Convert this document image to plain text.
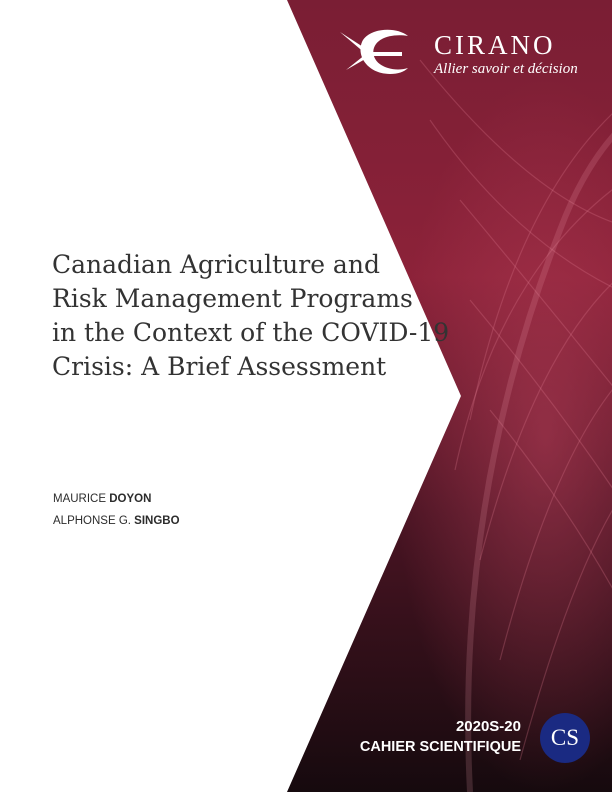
CIRANO
Allier savoir et décision
Canadian Agriculture and
Risk Management Programs
in the Context of the COVID-19
Crisis: A Brief Assessment
MAURICE DOYON
ALPHONSE G. SINGBO
2020S-20
CAHIER SCIENTIFIQUE	CS
